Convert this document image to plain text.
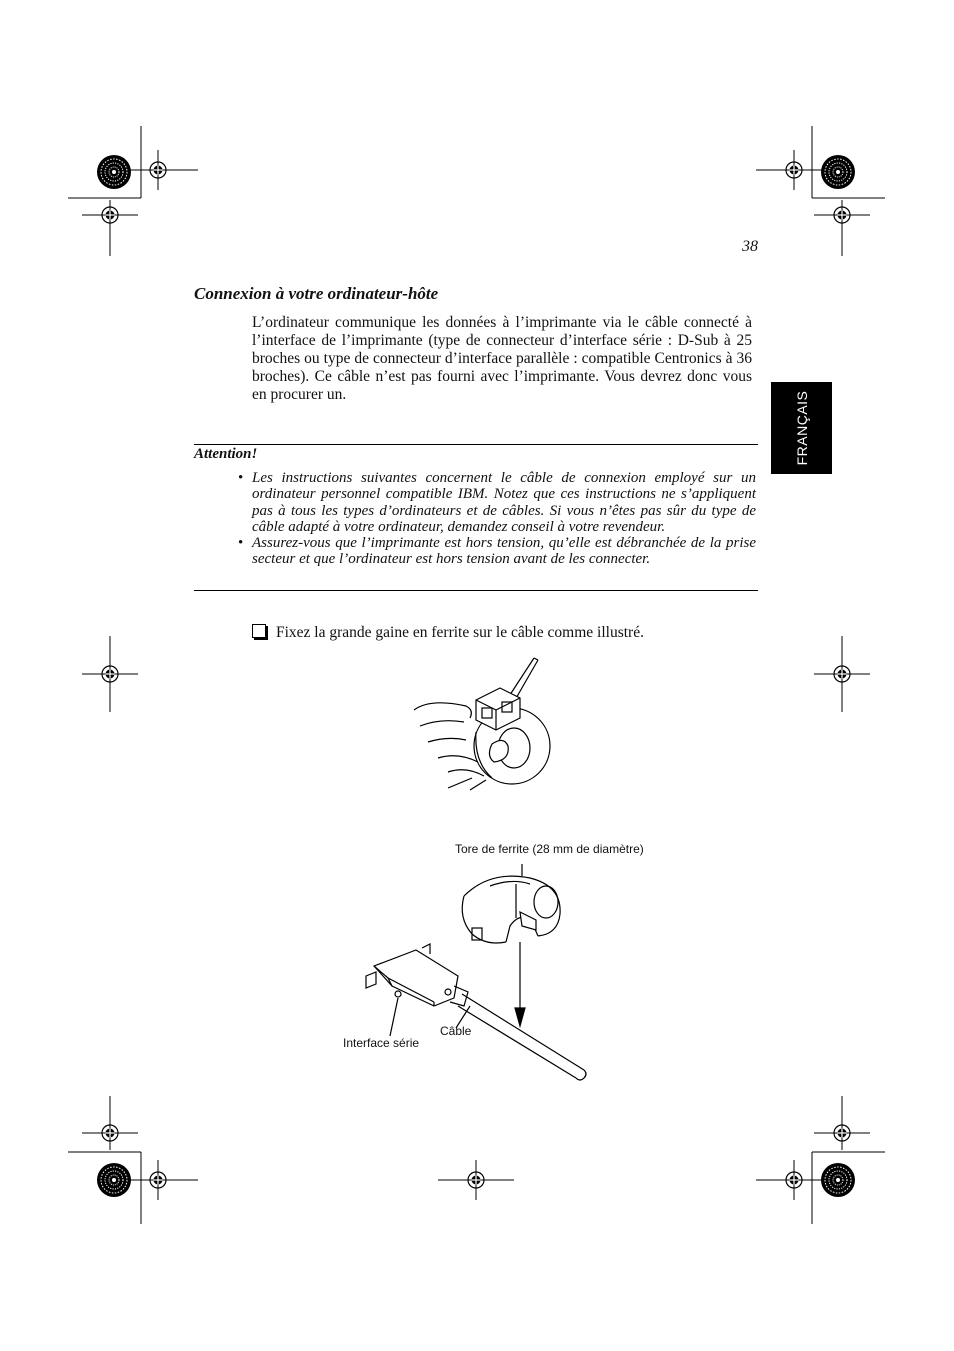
38
FRANÇAIS
Connexion à votre ordinateur-hôte
L’ordinateur communique les données à l’imprimante via le câble connecté à l’interface de l’imprimante (type de connecteur d’interface série : D-Sub à 25 broches ou type de connecteur d’interface parallèle : compatible Centronics à 36 broches). Ce câble n’est pas fourni avec l’imprimante. Vous devrez donc vous en procurer un.
Attention!
• Les instructions suivantes concernent le câble de connexion employé sur un ordinateur personnel compatible IBM. Notez que ces instructions ne s’appliquent pas à tous les types d’ordinateurs et de câbles. Si vous n’êtes pas sûr du type de câble adapté à votre ordinateur, demandez conseil à votre revendeur.
• Assurez-vous que l’imprimante est hors tension, qu’elle est débranchée de la prise secteur et que l’ordinateur est hors tension avant de les connecter.
Fixez la grande gaine en ferrite sur le câble comme illustré.
Tore de ferrite (28 mm de diamètre)
Câble
Interface série
